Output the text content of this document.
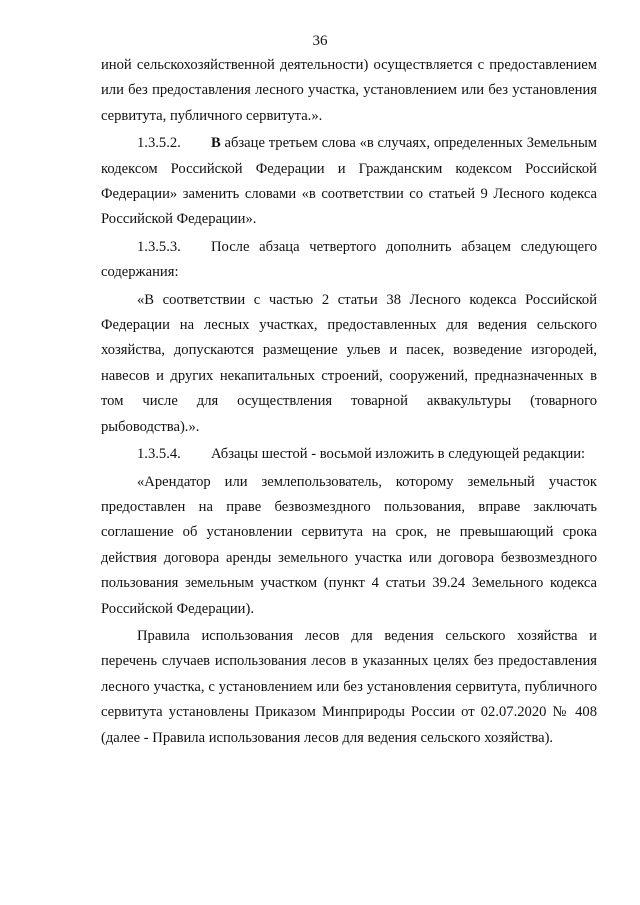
36

иной сельскохозяйственной деятельности) осуществляется с предоставлением или без предоставления лесного участка, установлением или без установления сервитута, публичного сервитута.».

1.3.5.2. В абзаце третьем слова «в случаях, определенных Земельным кодексом Российской Федерации и Гражданским кодексом Российской Федерации» заменить словами «в соответствии со статьей 9 Лесного кодекса Российской Федерации».

1.3.5.3. После абзаца четвертого дополнить абзацем следующего содержания:

«В соответствии с частью 2 статьи 38 Лесного кодекса Российской Федерации на лесных участках, предоставленных для ведения сельского хозяйства, допускаются размещение ульев и пасек, возведение изгородей, навесов и других некапитальных строений, сооружений, предназначенных в том числе для осуществления товарной аквакультуры (товарного рыбоводства).».

1.3.5.4. Абзацы шестой - восьмой изложить в следующей редакции:

«Арендатор или землепользователь, которому земельный участок предоставлен на праве безвозмездного пользования, вправе заключать соглашение об установлении сервитута на срок, не превышающий срока действия договора аренды земельного участка или договора безвозмездного пользования земельным участком (пункт 4 статьи 39.24 Земельного кодекса Российской Федерации).

Правила использования лесов для ведения сельского хозяйства и перечень случаев использования лесов в указанных целях без предоставления лесного участка, с установлением или без установления сервитута, публичного сервитута установлены Приказом Минприроды России от 02.07.2020 № 408 (далее - Правила использования лесов для ведения сельского хозяйства).
